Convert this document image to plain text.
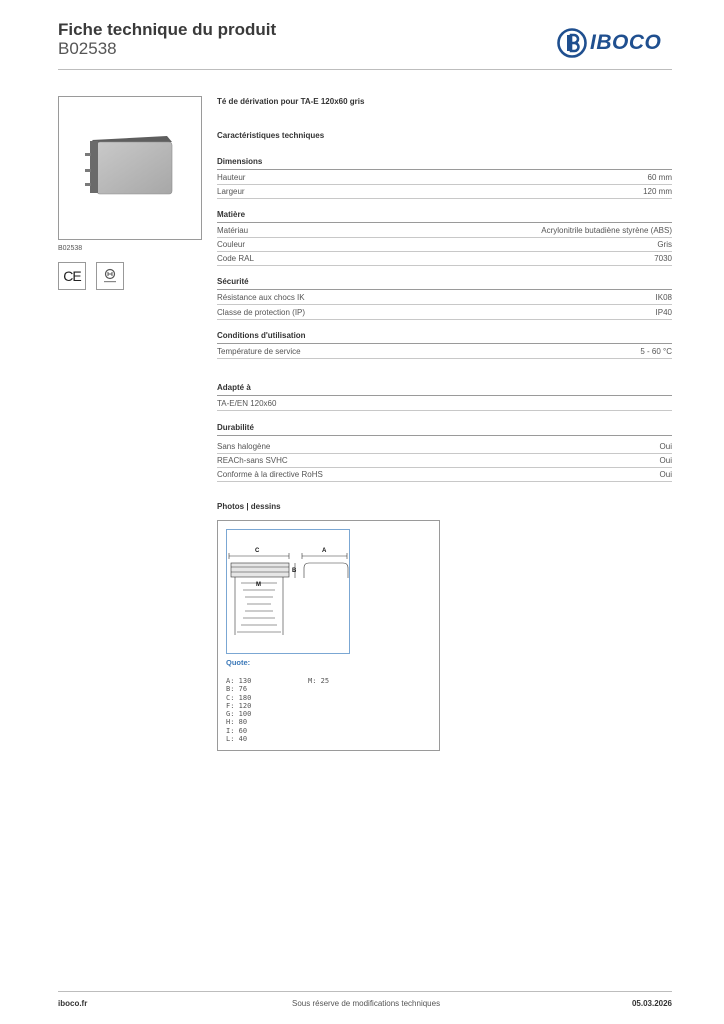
Fiche technique du produit
B02538	IBOCO
B02538
CE
Té de dérivation pour TA-E 120x60 gris
Caractéristiques techniques
Dimensions
Hauteur	60 mm
Largeur	120 mm
Matière
Matériau	Acrylonitrile butadiène styrène (ABS)
Couleur	Gris
Code RAL	7030
Sécurité
Résistance aux chocs IK	IK08
Classe de protection (IP)	IP40
Conditions d'utilisation
Température de service	5 - 60 °C
Adapté à
TA-E/EN 120x60
Durabilité
Sans halogène	Oui
REACh-sans SVHC	Oui
Conforme à la directive RoHS	Oui
Photos | dessins
C	A
B
M
Quote:
A: 130
B: 76
C: 180
F: 120
G: 100
H: 80
I: 60
L: 40
M: 25
iboco.fr	Sous réserve de modifications techniques	05.03.2026
